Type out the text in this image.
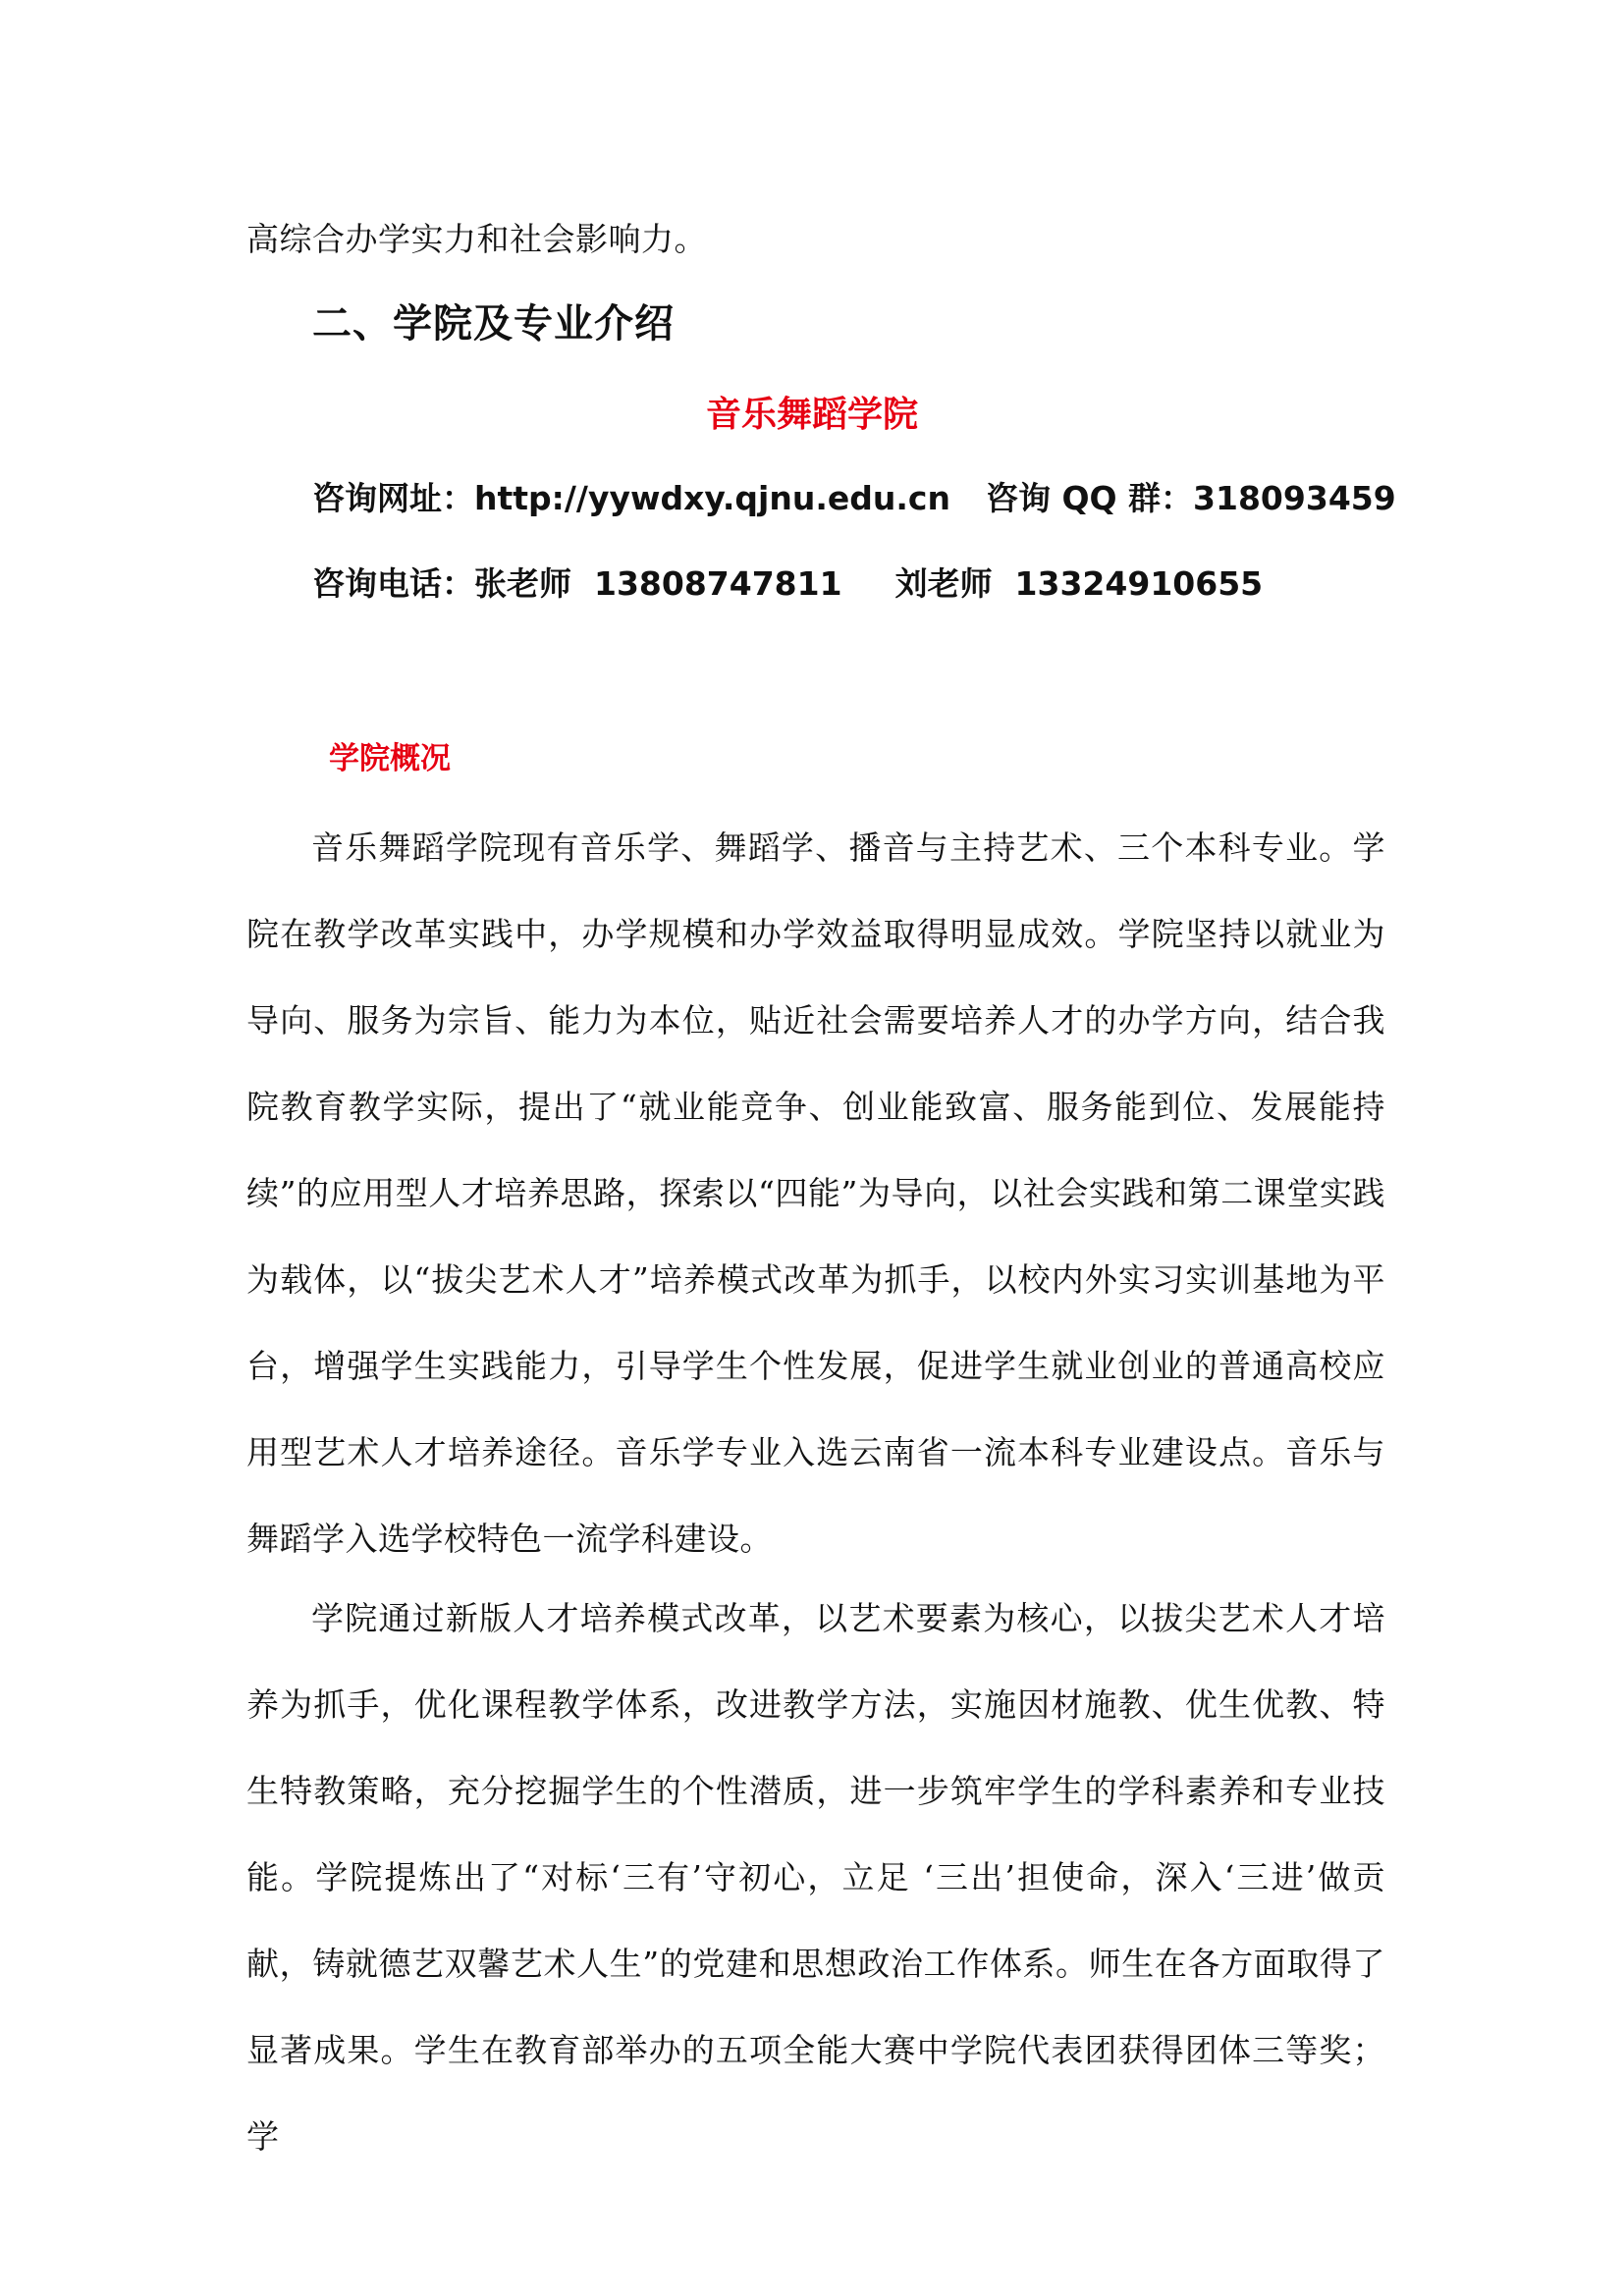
高综合办学实力和社会影响力。

二、学院及专业介绍
音乐舞蹈学院

咨询网址：http://yywdxy.qjnu.edu.cn 咨询 QQ 群：318093459

咨询电话：张老师 13808747811 刘老师 13324910655

学院概况

音乐舞蹈学院现有音乐学、舞蹈学、播音与主持艺术、三个本科专业。学院在教学改革实践中，办学规模和办学效益取得明显成效。学院坚持以就业为导向、服务为宗旨、能力为本位，贴近社会需要培养人才的办学方向，结合我院教育教学实际，提出了“就业能竞争、创业能致富、服务能到位、发展能持续”的应用型人才培养思路，探索以“四能”为导向，以社会实践和第二课堂实践为载体，以“拔尖艺术人才”培养模式改革为抓手，以校内外实习实训基地为平台，增强学生实践能力，引导学生个性发展，促进学生就业创业的普通高校应用型艺术人才培养途径。音乐学专业入选云南省一流本科专业建设点。音乐与舞蹈学入选学校特色一流学科建设。

学院通过新版人才培养模式改革，以艺术要素为核心，以拔尖艺术人才培养为抓手，优化课程教学体系，改进教学方法，实施因材施教、优生优教、特生特教策略，充分挖掘学生的个性潜质，进一步筑牢学生的学科素养和专业技能。学院提炼出了“对标‘三有’守初心，立足 ‘三出’担使命，深入‘三进’做贡献，铸就德艺双馨艺术人生”的党建和思想政治工作体系。师生在各方面取得了显著成果。学生在教育部举办的五项全能大赛中学院代表团获得团体三等奖；学
